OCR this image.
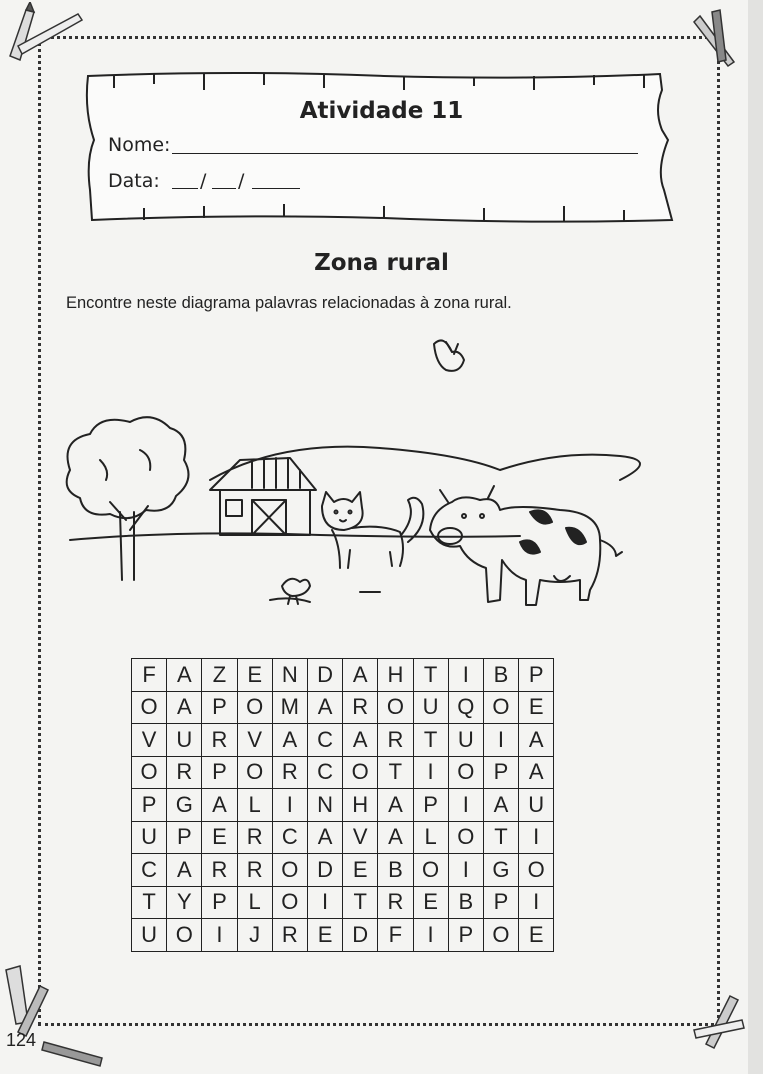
Atividade 11
Nome:
Data: / /
Zona rural
Encontre neste diagrama palavras relacionadas à zona rural.
F	A	Z	E	N	D	A	H	T	I	B	P
O	A	P	O	M	A	R	O	U	Q	O	E
V	U	R	V	A	C	A	R	T	U	I	A
O	R	P	O	R	C	O	T	I	O	P	A
P	G	A	L	I	N	H	A	P	I	A	U
U	P	E	R	C	A	V	A	L	O	T	I
C	A	R	R	O	D	E	B	O	I	G	O
T	Y	P	L	O	I	T	R	E	B	P	I
U	O	I	J	R	E	D	F	I	P	O	E
124
